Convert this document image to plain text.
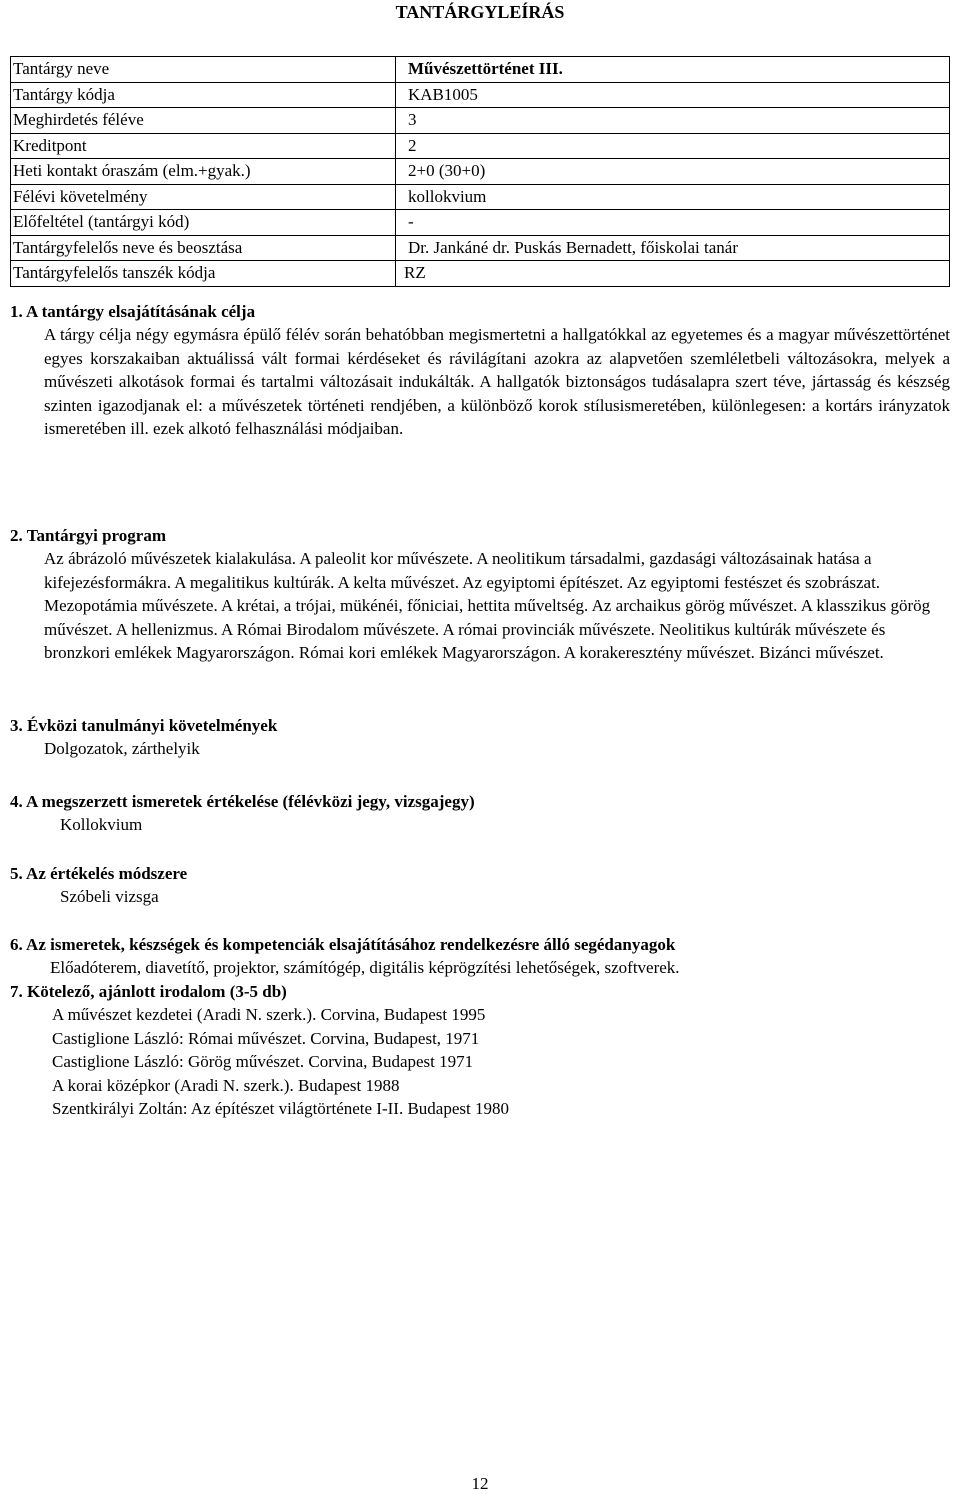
TANTÁRGYLEÍRÁS
Tantárgy neve	Művészettörténet III.
Tantárgy kódja	KAB1005
Meghirdetés féléve	3
Kreditpont	2
Heti kontakt óraszám (elm.+gyak.)	2+0 (30+0)
Félévi követelmény	kollokvium
Előfeltétel (tantárgyi kód)	-
Tantárgyfelelős neve és beosztása	Dr. Jankáné dr. Puskás Bernadett, főiskolai tanár
Tantárgyfelelős tanszék kódja	RZ
1. A tantárgy elsajátításának célja

A tárgy célja négy egymásra épülő félév során behatóbban megismertetni a hallgatókkal az egyetemes és a magyar művészettörténet egyes korszakaiban aktuálissá vált formai kérdéseket és rávilágítani azokra az alapvetően szemléletbeli változásokra, melyek a művészeti alkotások formai és tartalmi változásait indukálták. A hallgatók biztonságos tudásalapra szert téve, jártasság és készség szinten igazodjanak el: a művészetek történeti rendjében, a különböző korok stílusismeretében, különlegesen: a kortárs irányzatok ismeretében ill. ezek alkotó felhasználási módjaiban.

2. Tantárgyi program

Az ábrázoló művészetek kialakulása. A paleolit kor művészete. A neolitikum társadalmi, gazdasági változásainak hatása a kifejezésformákra. A megalitikus kultúrák. A kelta művészet. Az egyiptomi építészet. Az egyiptomi festészet és szobrászat. Mezopotámia művészete. A krétai, a trójai, mükénéi, főniciai, hettita műveltség. Az archaikus görög művészet. A klasszikus görög művészet. A hellenizmus. A Római Birodalom művészete. A római provinciák művészete. Neolitikus kultúrák művészete és bronzkori emlékek Magyarországon. Római kori emlékek Magyarországon. A korakeresztény művészet. Bizánci művészet.

3. Évközi tanulmányi követelmények

Dolgozatok, zárthelyik

4. A megszerzett ismeretek értékelése (félévközi jegy, vizsgajegy)

Kollokvium

5. Az értékelés módszere

Szóbeli vizsga

6. Az ismeretek, készségek és kompetenciák elsajátításához rendelkezésre álló segédanyagok

Előadóterem, diavetítő, projektor, számítógép, digitális képrögzítési lehetőségek, szoftverek.

7. Kötelező, ajánlott irodalom (3-5 db)
A művészet kezdetei (Aradi N. szerk.). Corvina, Budapest 1995
Castiglione László: Római művészet. Corvina, Budapest, 1971
Castiglione László: Görög művészet. Corvina, Budapest 1971
A korai középkor (Aradi N. szerk.). Budapest 1988
Szentkirályi Zoltán: Az építészet világtörténete I-II. Budapest 1980
12
